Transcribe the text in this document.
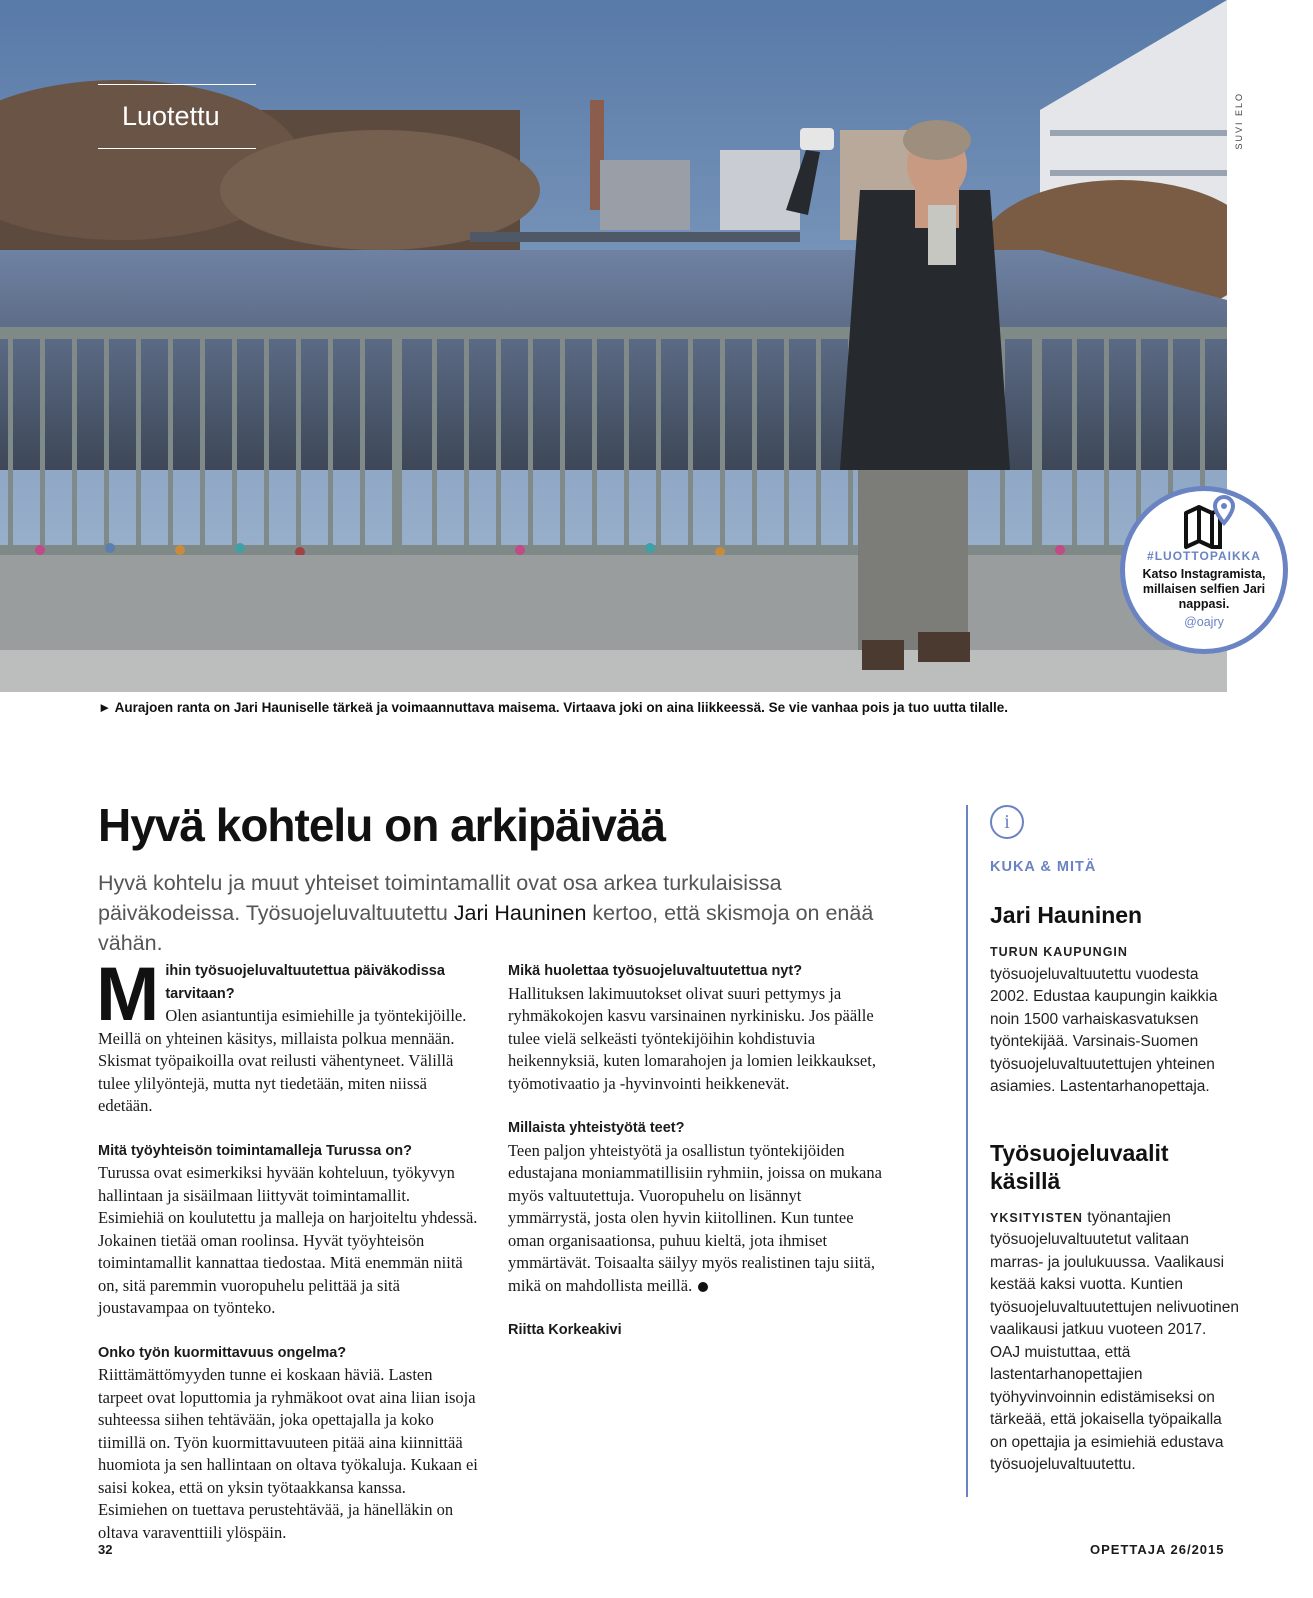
Luotettu	SUVI ELO
#LUOTTOPAIKKA
Katso Instagramista, millaisen selfien Jari nappasi.
@oajry
► Aurajoen ranta on Jari Hauniselle tärkeä ja voimaannuttava maisema. Virtaava joki on aina liikkeessä. Se vie vanhaa pois ja tuo uutta tilalle.
Hyvä kohtelu on arkipäivää

Hyvä kohtelu ja muut yhteiset toimintamallit ovat osa arkea turkulaisissa päiväkodeissa. Työsuojeluvaltuutettu Jari Hauninen kertoo, että skismoja on enää vähän.

M ihin työsuojeluvaltuutettua päiväkodissa tarvitaan?
Olen asiantuntija esimiehille ja työntekijöille. Meillä on yhteinen käsitys, millaista polkua mennään. Skismat työpaikoilla ovat reilusti vähentyneet. Välillä tulee ylilyöntejä, mutta nyt tiedetään, miten niissä edetään.

Mitä työyhteisön toimintamalleja Turussa on?
Turussa ovat esimerkiksi hyvään kohteluun, työkyvyn hallintaan ja sisäilmaan liittyvät toimintamallit. Esimiehiä on koulutettu ja malleja on harjoiteltu yhdessä. Jokainen tietää oman roolinsa. Hyvät työyhteisön toimintamallit kannattaa tiedostaa. Mitä enemmän niitä on, sitä paremmin vuoropuhelu pelittää ja sitä joustavampaa on työnteko.

Onko työn kuormittavuus ongelma?
Riittämättömyyden tunne ei koskaan häviä. Lasten tarpeet ovat loputtomia ja ryhmäkoot ovat aina liian isoja suhteessa siihen tehtävään, joka opettajalla ja koko tiimillä on. Työn kuormittavuuteen pitää aina kiinnittää huomiota ja sen hallintaan on oltava työkaluja. Kukaan ei saisi kokea, että on yksin työtaakkansa kanssa. Esimiehen on tuettava perustehtävää, ja hänelläkin on oltava varaventtiili ylöspäin.

Mikä huolettaa työsuojeluvaltuutettua nyt?
Hallituksen lakimuutokset olivat suuri pettymys ja ryhmäkokojen kasvu varsinainen nyrkinisku. Jos päälle tulee vielä selkeästi työntekijöihin kohdistuvia heikennyksiä, kuten lomarahojen ja lomien leikkaukset, työmotivaatio ja -hyvinvointi heikkenevät.

Millaista yhteistyötä teet?
Teen paljon yhteistyötä ja osallistun työntekijöiden edustajana moniammatillisiin ryhmiin, joissa on mukana myös valtuutettuja. Vuoropuhelu on lisännyt ymmärrystä, josta olen hyvin kiitollinen. Kun tuntee oman organisaationsa, puhuu kieltä, jota ihmiset ymmärtävät. Toisaalta säilyy myös realistinen taju siitä, mikä on mahdollista meillä.

Riitta Korkeakivi

i
KUKA & MITÄ
Jari Hauninen

TURUN KAUPUNGIN työsuojeluvaltuutettu vuodesta 2002. Edustaa kaupungin kaikkia noin 1500 varhaiskasvatuksen työntekijää. Varsinais-Suomen työsuojeluvaltuutettujen yhteinen asiamies. Lastentarhanopettaja.

Työsuojeluvaalit käsillä

YKSITYISTEN työnantajien työsuojeluvaltuutetut valitaan marras- ja joulukuussa. Vaalikausi kestää kaksi vuotta. Kuntien työsuojeluvaltuutettujen nelivuotinen vaalikausi jatkuu vuoteen 2017. OAJ muistuttaa, että lastentarhanopettajien työhyvinvoinnin edistämiseksi on tärkeää, että jokaisella työpaikalla on opettajia ja esimiehiä edustava työsuojeluvaltuutettu.

32	OPETTAJA 26/2015
